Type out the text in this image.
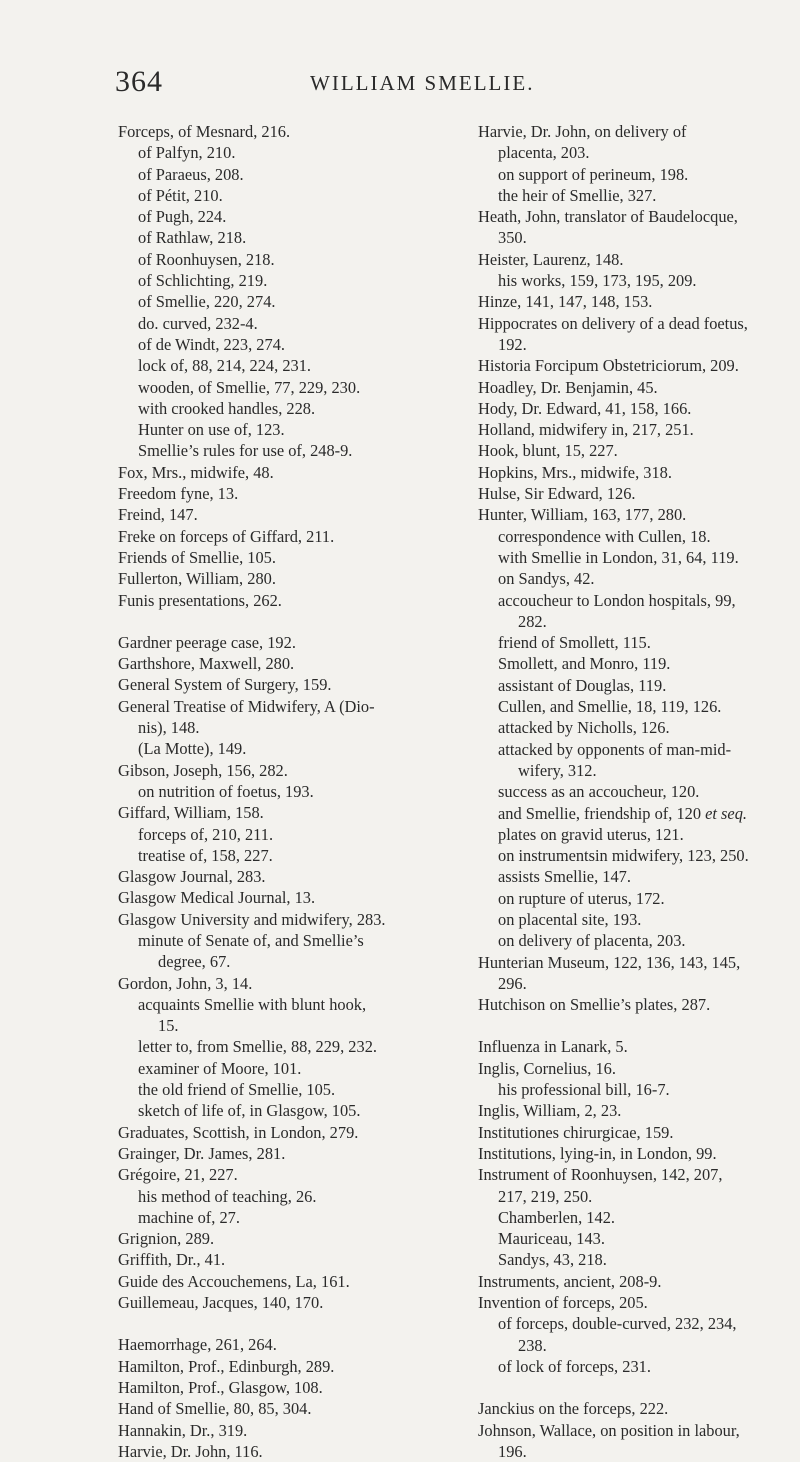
364	WILLIAM SMELLIE.
Forceps, of Mesnard, 216.
of Palfyn, 210.
of Paraeus, 208.
of Pétit, 210.
of Pugh, 224.
of Rathlaw, 218.
of Roonhuysen, 218.
of Schlichting, 219.
of Smellie, 220, 274.
do. curved, 232-4.
of de Windt, 223, 274.
lock of, 88, 214, 224, 231.
wooden, of Smellie, 77, 229, 230.
with crooked handles, 228.
Hunter on use of, 123.
Smellie’s rules for use of, 248-9.
Fox, Mrs., midwife, 48.
Freedom fyne, 13.
Freind, 147.
Freke on forceps of Giffard, 211.
Friends of Smellie, 105.
Fullerton, William, 280.
Funis presentations, 262.
Gardner peerage case, 192.
Garthshore, Maxwell, 280.
General System of Surgery, 159.
General Treatise of Midwifery, A (Dio-
nis), 148.
(La Motte), 149.
Gibson, Joseph, 156, 282.
on nutrition of foetus, 193.
Giffard, William, 158.
forceps of, 210, 211.
treatise of, 158, 227.
Glasgow Journal, 283.
Glasgow Medical Journal, 13.
Glasgow University and midwifery, 283.
minute of Senate of, and Smellie’s
degree, 67.
Gordon, John, 3, 14.
acquaints Smellie with blunt hook,
15.
letter to, from Smellie, 88, 229, 232.
examiner of Moore, 101.
the old friend of Smellie, 105.
sketch of life of, in Glasgow, 105.
Graduates, Scottish, in London, 279.
Grainger, Dr. James, 281.
Grégoire, 21, 227.
his method of teaching, 26.
machine of, 27.
Grignion, 289.
Griffith, Dr., 41.
Guide des Accouchemens, La, 161.
Guillemeau, Jacques, 140, 170.
Haemorrhage, 261, 264.
Hamilton, Prof., Edinburgh, 289.
Hamilton, Prof., Glasgow, 108.
Hand of Smellie, 80, 85, 304.
Hannakin, Dr., 319.
Harvie, Dr. John, 116.
Harvie, Dr. John, on delivery of
placenta, 203.
on support of perineum, 198.
the heir of Smellie, 327.
Heath, John, translator of Baudelocque,
350.
Heister, Laurenz, 148.
his works, 159, 173, 195, 209.
Hinze, 141, 147, 148, 153.
Hippocrates on delivery of a dead foetus,
192.
Historia Forcipum Obstetriciorum, 209.
Hoadley, Dr. Benjamin, 45.
Hody, Dr. Edward, 41, 158, 166.
Holland, midwifery in, 217, 251.
Hook, blunt, 15, 227.
Hopkins, Mrs., midwife, 318.
Hulse, Sir Edward, 126.
Hunter, William, 163, 177, 280.
correspondence with Cullen, 18.
with Smellie in London, 31, 64, 119.
on Sandys, 42.
accoucheur to London hospitals, 99,
282.
friend of Smollett, 115.
Smollett, and Monro, 119.
assistant of Douglas, 119.
Cullen, and Smellie, 18, 119, 126.
attacked by Nicholls, 126.
attacked by opponents of man-mid-
wifery, 312.
success as an accoucheur, 120.
and Smellie, friendship of, 120 et seq.
plates on gravid uterus, 121.
on instrumentsin midwifery, 123, 250.
assists Smellie, 147.
on rupture of uterus, 172.
on placental site, 193.
on delivery of placenta, 203.
Hunterian Museum, 122, 136, 143, 145,
296.
Hutchison on Smellie’s plates, 287.
Influenza in Lanark, 5.
Inglis, Cornelius, 16.
his professional bill, 16-7.
Inglis, William, 2, 23.
Institutiones chirurgicae, 159.
Institutions, lying-in, in London, 99.
Instrument of Roonhuysen, 142, 207,
217, 219, 250.
Chamberlen, 142.
Mauriceau, 143.
Sandys, 43, 218.
Instruments, ancient, 208-9.
Invention of forceps, 205.
of forceps, double-curved, 232, 234,
238.
of lock of forceps, 231.
Janckius on the forceps, 222.
Johnson, Wallace, on position in labour,
196.
